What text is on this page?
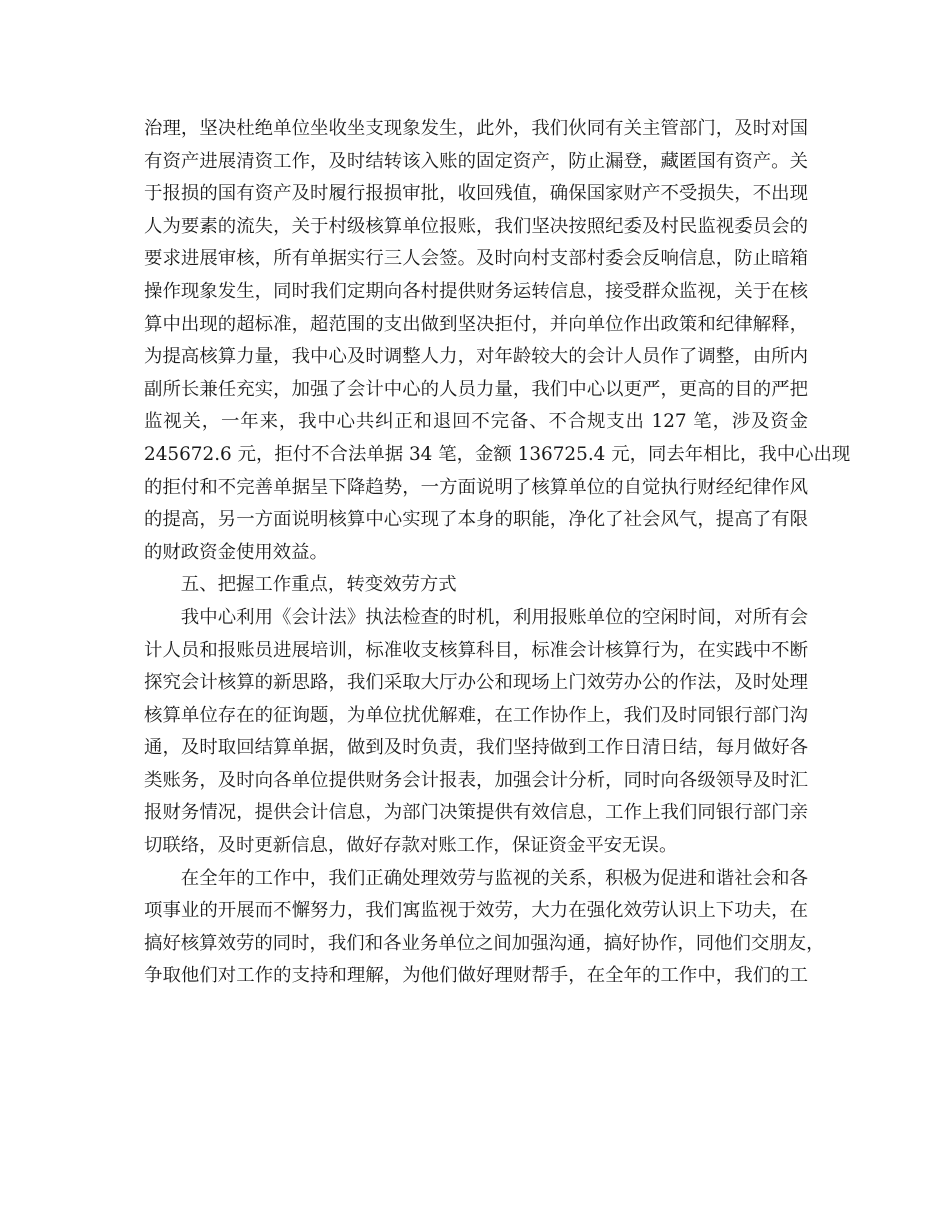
治理，坚决杜绝单位坐收坐支现象发生，此外，我们伙同有关主管部门，及时对国
有资产进展清资工作，及时结转该入账的固定资产，防止漏登，藏匿国有资产。关
于报损的国有资产及时履行报损审批，收回残值，确保国家财产不受损失，不出现
人为要素的流失，关于村级核算单位报账，我们坚决按照纪委及村民监视委员会的
要求进展审核，所有单据实行三人会签。及时向村支部村委会反响信息，防止暗箱
操作现象发生，同时我们定期向各村提供财务运转信息，接受群众监视，关于在核
算中出现的超标准，超范围的支出做到坚决拒付，并向单位作出政策和纪律解释，
为提高核算力量，我中心及时调整人力，对年龄较大的会计人员作了调整，由所内
副所长兼任充实，加强了会计中心的人员力量，我们中心以更严，更高的目的严把
监视关，一年来，我中心共纠正和退回不完备、不合规支出 127 笔，涉及资金
245672.6 元，拒付不合法单据 34 笔，金额 136725.4 元，同去年相比，我中心出现
的拒付和不完善单据呈下降趋势，一方面说明了核算单位的自觉执行财经纪律作风
的提高，另一方面说明核算中心实现了本身的职能，净化了社会风气，提高了有限
的财政资金使用效益。
五、把握工作重点，转变效劳方式
我中心利用《会计法》执法检查的时机，利用报账单位的空闲时间，对所有会
计人员和报账员进展培训，标准收支核算科目，标准会计核算行为，在实践中不断
探究会计核算的新思路，我们采取大厅办公和现场上门效劳办公的作法，及时处理
核算单位存在的征询题，为单位扰优解难，在工作协作上，我们及时同银行部门沟
通，及时取回结算单据，做到及时负责，我们坚持做到工作日清日结，每月做好各
类账务，及时向各单位提供财务会计报表，加强会计分析，同时向各级领导及时汇
报财务情况，提供会计信息，为部门决策提供有效信息，工作上我们同银行部门亲
切联络，及时更新信息，做好存款对账工作，保证资金平安无误。
在全年的工作中，我们正确处理效劳与监视的关系，积极为促进和谐社会和各
项事业的开展而不懈努力，我们寓监视于效劳，大力在强化效劳认识上下功夫，在
搞好核算效劳的同时，我们和各业务单位之间加强沟通，搞好协作，同他们交朋友，
争取他们对工作的支持和理解，为他们做好理财帮手，在全年的工作中，我们的工
